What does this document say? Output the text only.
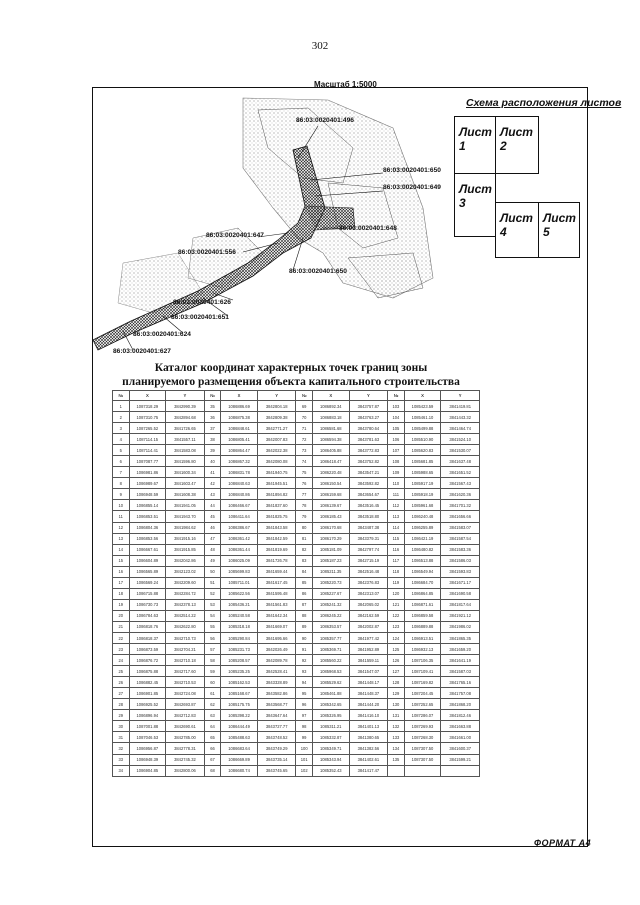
302
Масштаб 1:5000
86:03:0020401:496
86:03:0020401:650
86:03:0020401:649
86:03:0020401:648
86:03:0020401:647
86:03:0020401:556
86:03:0020401:650
86:03:0020401:626
86:03:0020401:651
86:03:0020401:624
86:03:0020401:627
Схема расположения листов
Лист 1
Лист 2
Лист 3
Лист 4
Лист 5
Каталог координат характерных точек границ зоны
планируемого размещения объекта капитального строительства
№	X	Y	№	X	Y	№	X	Y	№	X	Y
1	1087318.29	3842990.39	35	1086886.69	3842804.18	69	1086892.34	3843757.87	103	1085423.59	3841419.81
2	1087310.75	3842894.68	36	1086875.38	3842809.38	70	1086883.18	3843763.27	104	1085461.10	3841443.32
3	1087265.52	3841726.65	37	1086848.61	3842771.27	71	1086581.68	3843780.64	105	1085499.88	3841464.74
4	1087114.15	3841557.11	38	1086805.41	3842007.83	72	1086594.38	3843781.63	106	1085510.90	3841524.10
5	1087114.41	3841583.08	39	1086864.47	3842022.38	73	1086405.88	3843772.83	107	1085620.83	3841530.07
6	1087087.77	3841596.80	40	1086867.32	3842080.08	74	1086418.47	3843752.82	108	1085681.85	3841637.48
7	1086981.86	3841600.34	41	1086831.78	3841940.75	75	1086220.48	3843547.21	109	1085988.65	3841651.52
8	1086989.67	3841603.47	42	1086840.63	3841945.51	76	1086150.54	3843592.82	110	1085917.19	3841567.43
9	1086948.59	3841608.38	43	1086840.86	3841894.82	77	1086159.68	3843654.67	111	1085918.19	3841620.36
10	1086855.14	3841941.05	44	1086466.67	3841837.60	78	1086139.67	3843516.45	112	1085961.68	3841701.32
11	1086853.51	3841943.70	45	1086411.64	3841825.75	79	1086185.43	3843518.80	113	1086240.48	3841656.66
12	1086804.36	3841984.62	46	1086386.67	3841843.58	80	1086170.68	3843487.38	114	1086255.89	3841583.07
13	1086853.56	3841915.16	47	1086361.42	3841842.59	81	1086170.29	3843379.31	115	1086421.19	3841587.54
14	1086667.61	3841915.85	48	1086361.44	3841819.69	82	1085181.09	3842797.74	116	1086480.82	3841583.36
15	1086604.89	3842042.86	49	1086025.09	3841726.78	83	1085187.23	3842715.19	117	1086513.88	3841586.03
16	1086565.89	3842123.02	50	1085699.83	3841659.44	84	1085211.35	3842516.48	118	1086549.94	3841593.83
17	1086569.24	3842209.60	51	1085711.01	3841617.45	85	1085220.73	3842376.83	119	1086684.70	3841671.17
18	1086715.88	3842284.72	52	1085622.56	3841595.48	86	1085227.67	3842313.07	120	1086864.85	3841690.58
19	1086730.73	3842378.13	53	1085436.21	3841561.83	87	1085241.32	3842065.02	121	1086871.61	3841817.64
20	1086784.63	3842514.22	54	1085240.58	3841642.34	88	1086245.22	3842162.59	122	1086859.58	3841921.12
21	1086818.76	3842622.80	55	1085318.18	3841669.07	89	1086353.57	3842002.87	123	1086889.88	3841986.02
22	1086818.37	3842710.73	56	1085290.84	3841695.66	90	1085357.77	3841977.42	124	1086913.51	3841865.35
23	1086873.59	3842704.21	57	1085231.73	3842026.49	91	1085369.71	3841952.89	125	1086932.13	3841659.20
24	1086876.72	3842710.18	58	1085208.57	3842089.78	92	1085560.22	3841559.11	126	1087106.35	3841641.19
25	1086875.88	3842717.60	59	1085235.25	3842528.41	93	1085968.53	3841547.07	127	1087109.41	3841587.03
26	1086882.45	3842710.53	60	1085162.53	3843328.89	94	1085529.62	3841448.17	128	1087169.82	3841765.16
27	1086901.85	3842724.08	61	1085168.67	3843582.86	95	1085461.88	3841448.37	129	1087204.45	3841757.08
28	1086925.52	3842693.87	62	1085175.75	3843568.77	96	1085342.65	3841444.20	130	1087252.65	3841868.20
29	1086896.94	3842712.83	63	1085398.22	3843647.64	97	1085326.95	3841416.10	131	1087286.07	3841812.46
30	1087001.88	3842690.61	64	1086444.49	3843727.77	98	1085311.21	3841401.13	132	1087269.93	3841663.88
31	1087046.53	3842785.00	65	1085488.63	3843748.52	99	1085332.87	3841380.65	133	1087268.30	3841661.00
32	1086956.87	3842778.31	66	1086683.64	3843749.29	100	1085349.71	3841382.56	134	1087307.50	3841600.37
33	1086948.39	3842745.32	67	1086669.89	3843735.14	101	1085343.94	3841402.61	135	1087307.50	3841599.21
34	1086904.85	3842800.06	68	1086680.74	3843745.65	102	1085352.43	3841417.47			
ФОРМАТ А4
